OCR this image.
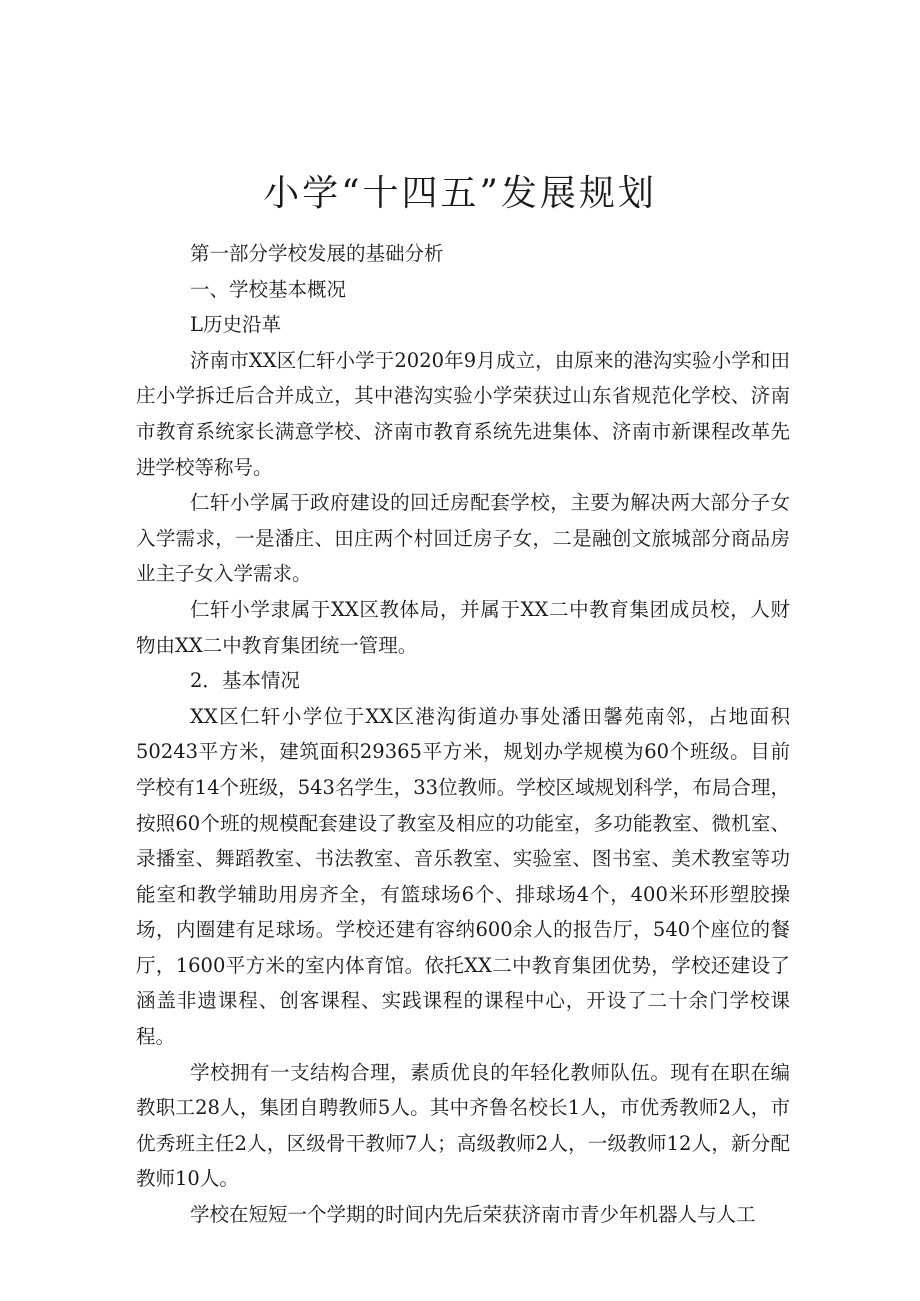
小学“十四五”发展规划

第一部分学校发展的基础分析

一、学校基本概况

L历史沿革

济南市XX区仁轩小学于2020年9月成立，由原来的港沟实验小学和田庄小学拆迁后合并成立，其中港沟实验小学荣获过山东省规范化学校、济南市教育系统家长满意学校、济南市教育系统先进集体、济南市新课程改革先进学校等称号。

仁轩小学属于政府建设的回迁房配套学校，主要为解决两大部分子女入学需求，一是潘庄、田庄两个村回迁房子女，二是融创文旅城部分商品房业主子女入学需求。

仁轩小学隶属于XX区教体局，并属于XX二中教育集团成员校，人财物由XX二中教育集团统一管理。

2．基本情况

XX区仁轩小学位于XX区港沟街道办事处潘田馨苑南邻，占地面积50243平方米，建筑面积29365平方米，规划办学规模为60个班级。目前学校有14个班级，543名学生，33位教师。学校区域规划科学，布局合理，按照60个班的规模配套建设了教室及相应的功能室，多功能教室、微机室、录播室、舞蹈教室、书法教室、音乐教室、实验室、图书室、美术教室等功能室和教学辅助用房齐全，有篮球场6个、排球场4个，400米环形塑胶操场，内圈建有足球场。学校还建有容纳600余人的报告厅，540个座位的餐厅，1600平方米的室内体育馆。依托XX二中教育集团优势，学校还建设了涵盖非遗课程、创客课程、实践课程的课程中心，开设了二十余门学校课程。

学校拥有一支结构合理，素质优良的年轻化教师队伍。现有在职在编教职工28人，集团自聘教师5人。其中齐鲁名校长1人，市优秀教师2人，市优秀班主任2人，区级骨干教师7人；高级教师2人，一级教师12人，新分配教师10人。

学校在短短一个学期的时间内先后荣获济南市青少年机器人与人工
